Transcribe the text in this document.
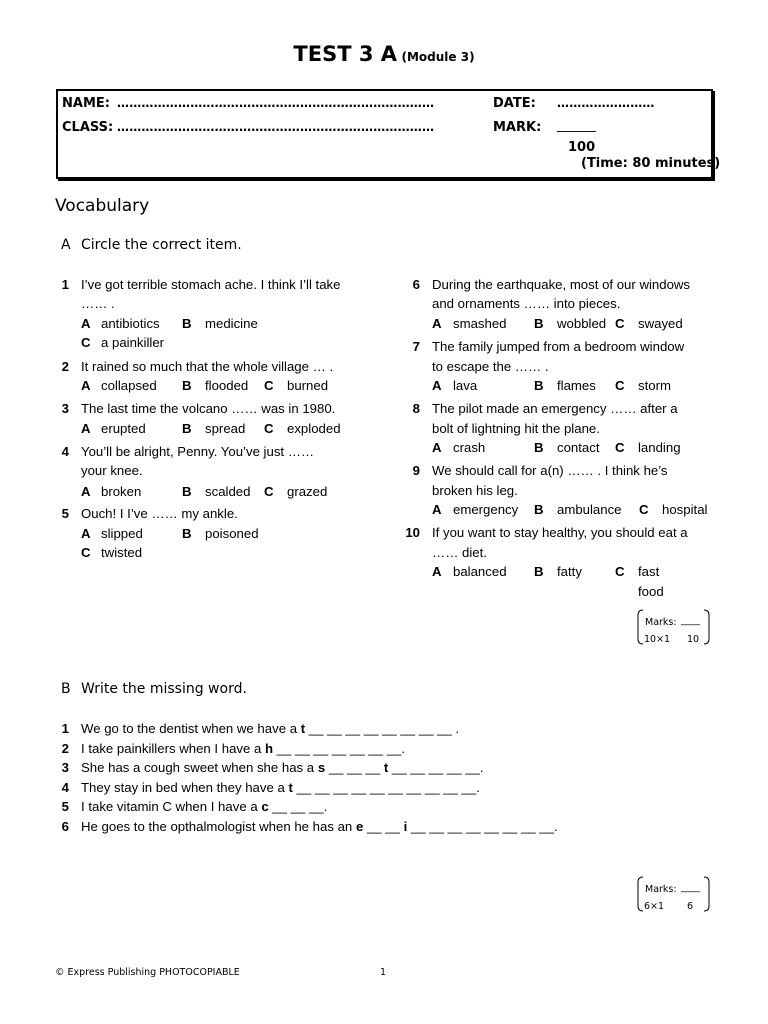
TEST 3 A (Module 3)
NAME: ……………………………………………………………………	DATE: ……………………
CLASS: ……………………………………………………………………	MARK: ______
100
(Time: 80 minutes)
Vocabulary
A Circle the correct item.
1 I’ve got terrible stomach ache. I think I’ll take
…… .
A antibiotics B medicine
C a painkiller
2 It rained so much that the whole village … .
A collapsed B flooded C burned
3 The last time the volcano …… was in 1980.
A erupted	B spread C exploded
4 You’ll be alright, Penny. You’ve just ……
your knee.
A broken	B scalded C grazed
5 Ouch! I I’ve …… my ankle.
A slipped	B poisoned
C twisted
6 During the earthquake, most of our windows
and ornaments …… into pieces.
A smashed B wobbled C swayed
7 The family jumped from a bedroom window
to escape the …… .
A lava	B flames C storm
8 The pilot made an emergency …… after a
bolt of lightning hit the plane.
A crash	B contact C landing
9 We should call for a(n) …… . I think he’s
broken his leg.
A emergency B ambulance C hospital
10 If you want to stay healthy, you should eat a
…… diet.
A balanced B fatty	C fast food
Marks: ____
10×1 10
B Write the missing word.
1 We go to the dentist when we have a t __ __ __ __ __ __ __ __ .
2 I take painkillers when I have a h __ __ __ __ __ __ __.
3 She has a cough sweet when she has a s __ __ __ t __ __ __ __ __.
4 They stay in bed when they have a t __ __ __ __ __ __ __ __ __ __.
5 I take vitamin C when I have a c __ __ __.
6 He goes to the opthalmologist when he has an e __ __ i __ __ __ __ __ __ __ __.
Marks: ____
6×1 6
© Express Publishing PHOTOCOPIABLE	1
